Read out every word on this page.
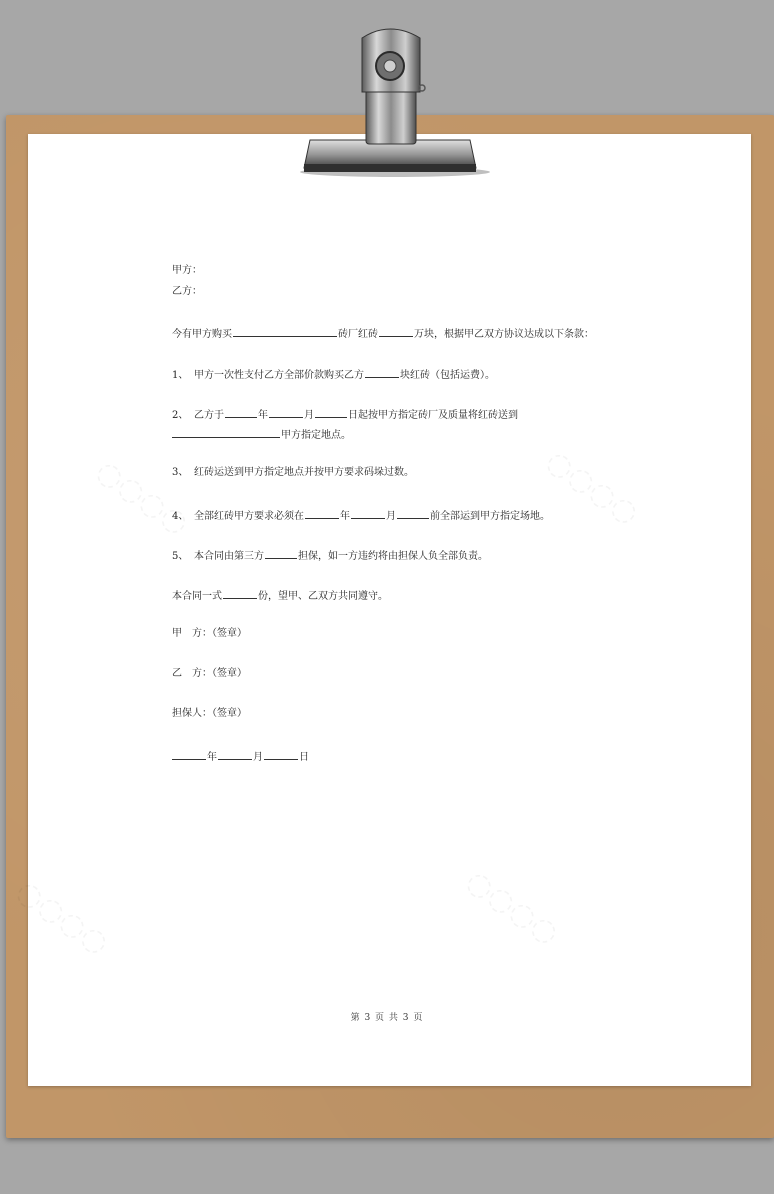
甲方：
乙方：
今有甲方购买	砖厂红砖	万块，根据甲乙双方协议达成以下条款：
1、 甲方一次性支付乙方全部价款购买乙方	块红砖（包括运费）。
2、 乙方于	年	月	日起按甲方指定砖厂及质量将红砖送到
甲方指定地点。
3、 红砖运送到甲方指定地点并按甲方要求码垛过数。
4、 全部红砖甲方要求必须在	年	月	前全部运到甲方指定场地。
5、 本合同由第三方	担保，如一方违约将由担保人负全部负责。
本合同一式	份，望甲、乙双方共同遵守。
甲　方：（签章）
乙　方：（签章）
担保人：（签章）
年	月	日
第 3 页 共 3 页
